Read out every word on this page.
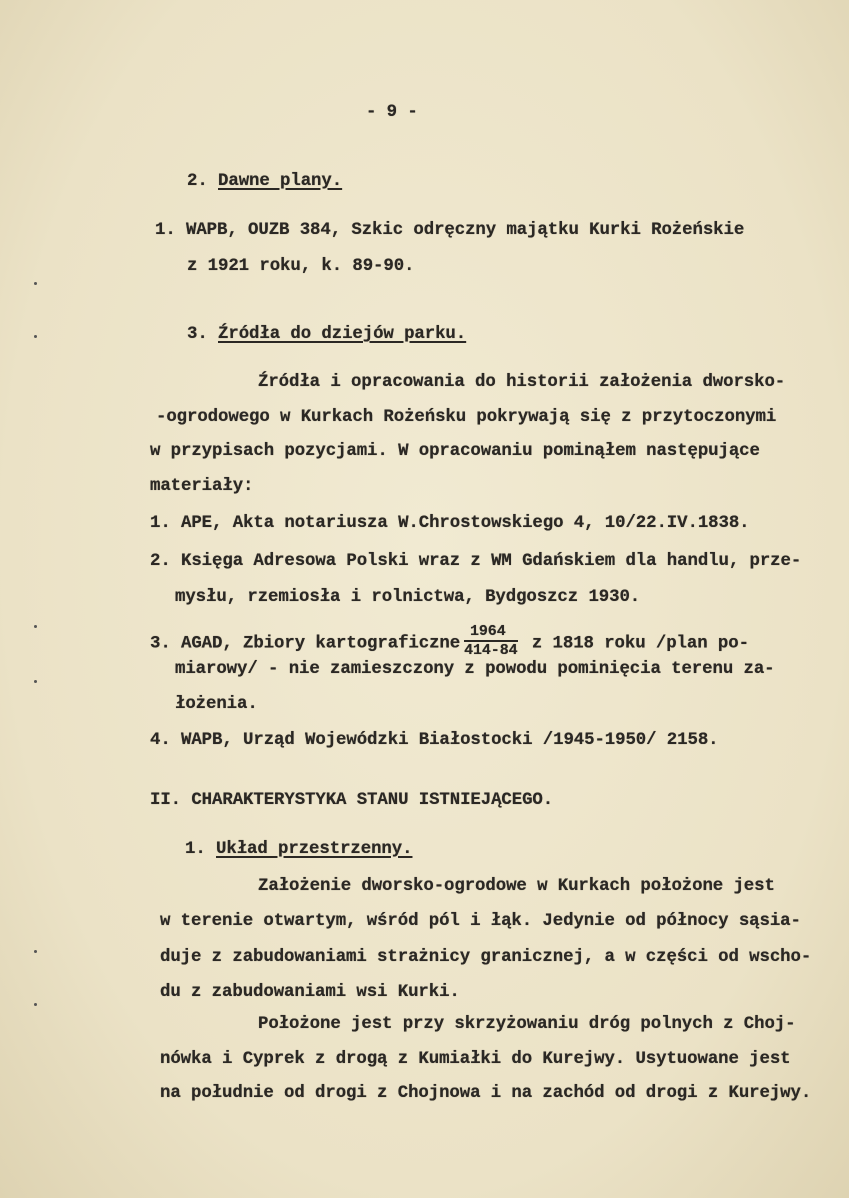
- 9 -
2. Dawne plany.
1. WAPB, OUZB 384, Szkic odręczny majątku Kurki Rożeńskie
z 1921 roku, k. 89-90.
3. Źródła do dziejów parku.
Źródła i opracowania do historii założenia dworsko-
-ogrodowego w Kurkach Rożeńsku pokrywają się z przytoczonymi
w przypisach pozycjami. W opracowaniu pominąłem następujące
materiały:
1. APE, Akta notariusza W.Chrostowskiego 4, 10/22.IV.1838.
2. Księga Adresowa Polski wraz z WM Gdańskiem dla handlu, prze-
mysłu, rzemiosła i rolnictwa, Bydgoszcz 1930.
3. AGAD, Zbiory kartograficzne $\frac{1964}{414-84}$ z 1818 roku /plan po-
miarowy/ - nie zamieszczony z powodu pominięcia terenu za-
łożenia.
4. WAPB, Urząd Wojewódzki Białostocki /1945-1950/ 2158.
II. CHARAKTERYSTYKA STANU ISTNIEJĄCEGO.
1. Układ przestrzenny.
Założenie dworsko-ogrodowe w Kurkach położone jest
w terenie otwartym, wśród pól i łąk. Jedynie od północy sąsia-
duje z zabudowaniami strażnicy granicznej, a w części od wscho-
du z zabudowaniami wsi Kurki.
Położone jest przy skrzyżowaniu dróg polnych z Choj-
nówka i Cyprek z drogą z Kumiałki do Kurejwy. Usytuowane jest
na południe od drogi z Chojnowa i na zachód od drogi z Kurejwy.
